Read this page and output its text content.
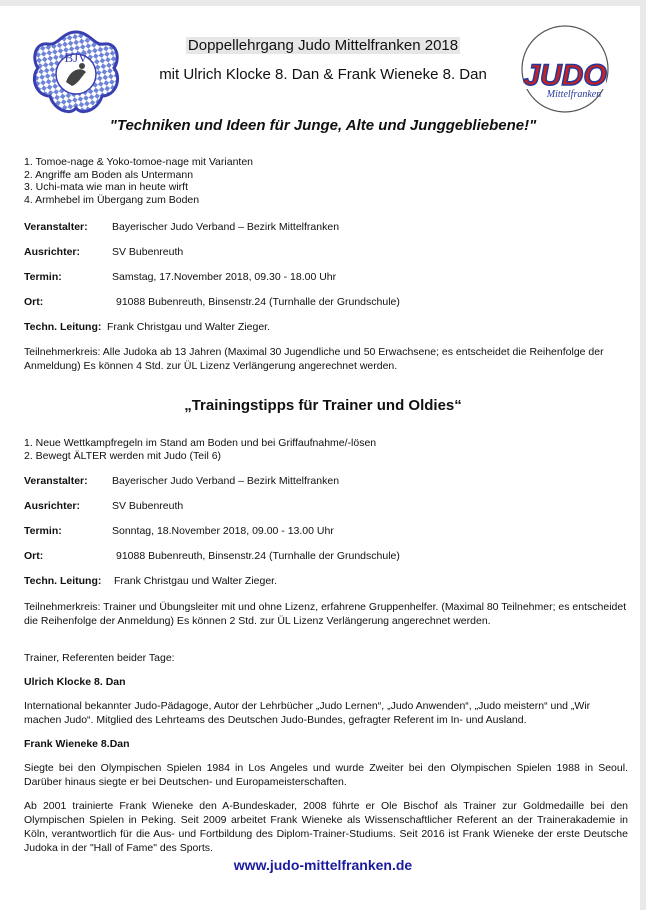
BJV
JUDO
Mittelfranken
Doppellehrgang Judo Mittelfranken 2018
mit Ulrich Klocke 8. Dan & Frank Wieneke 8. Dan
"Techniken und Ideen für Junge, Alte und Junggebliebene!"
1. Tomoe-nage & Yoko-tomoe-nage mit Varianten
2. Angriffe am Boden als Untermann
3. Uchi-mata wie man in heute wirft
4. Armhebel im Übergang zum Boden
Veranstalter: Bayerischer Judo Verband – Bezirk Mittelfranken
Ausrichter:	SV Bubenreuth
Termin:	Samstag, 17.November 2018, 09.30 - 18.00 Uhr
Ort:	91088 Bubenreuth, Binsenstr.24 (Turnhalle der Grundschule)
Techn. Leitung: Frank Christgau und Walter Zieger.
Teilnehmerkreis: Alle Judoka ab 13 Jahren (Maximal 30 Jugendliche und 50 Erwachsene; es entscheidet die Reihenfolge der Anmeldung) Es können 4 Std. zur ÜL Lizenz Verlängerung angerechnet werden.
„Trainingstipps für Trainer und Oldies“
1. Neue Wettkampfregeln im Stand am Boden und bei Griffaufnahme/-lösen
2. Bewegt ÄLTER werden mit Judo (Teil 6)
Veranstalter: Bayerischer Judo Verband – Bezirk Mittelfranken
Ausrichter:	SV Bubenreuth
Termin:	Sonntag, 18.November 2018, 09.00 - 13.00 Uhr
Ort:	91088 Bubenreuth, Binsenstr.24 (Turnhalle der Grundschule)
Techn. Leitung: Frank Christgau und Walter Zieger.
Teilnehmerkreis: Trainer und Übungsleiter mit und ohne Lizenz, erfahrene Gruppenhelfer. (Maximal 80 Teilnehmer; es entscheidet die Reihenfolge der Anmeldung) Es können 2 Std. zur ÜL Lizenz Verlängerung angerechnet werden.
Trainer, Referenten beider Tage:
Ulrich Klocke 8. Dan
International bekannter Judo-Pädagoge, Autor der Lehrbücher „Judo Lernen“, „Judo Anwenden“, „Judo meistern“ und „Wir machen Judo“. Mitglied des Lehrteams des Deutschen Judo-Bundes, gefragter Referent im In- und Ausland.
Frank Wieneke 8.Dan
Siegte bei den Olympischen Spielen 1984 in Los Angeles und wurde Zweiter bei den Olympischen Spielen 1988 in Seoul. Darüber hinaus siegte er bei Deutschen- und Europameisterschaften.
Ab 2001 trainierte Frank Wieneke den A-Bundeskader, 2008 führte er Ole Bischof als Trainer zur Goldmedaille bei den Olympischen Spielen in Peking. Seit 2009 arbeitet Frank Wieneke als Wissenschaftlicher Referent an der Trainerakademie in Köln, verantwortlich für die Aus- und Fortbildung des Diplom-Trainer-Studiums. Seit 2016 ist Frank Wieneke der erste Deutsche Judoka in der "Hall of Fame" des Sports.
www.judo-mittelfranken.de
